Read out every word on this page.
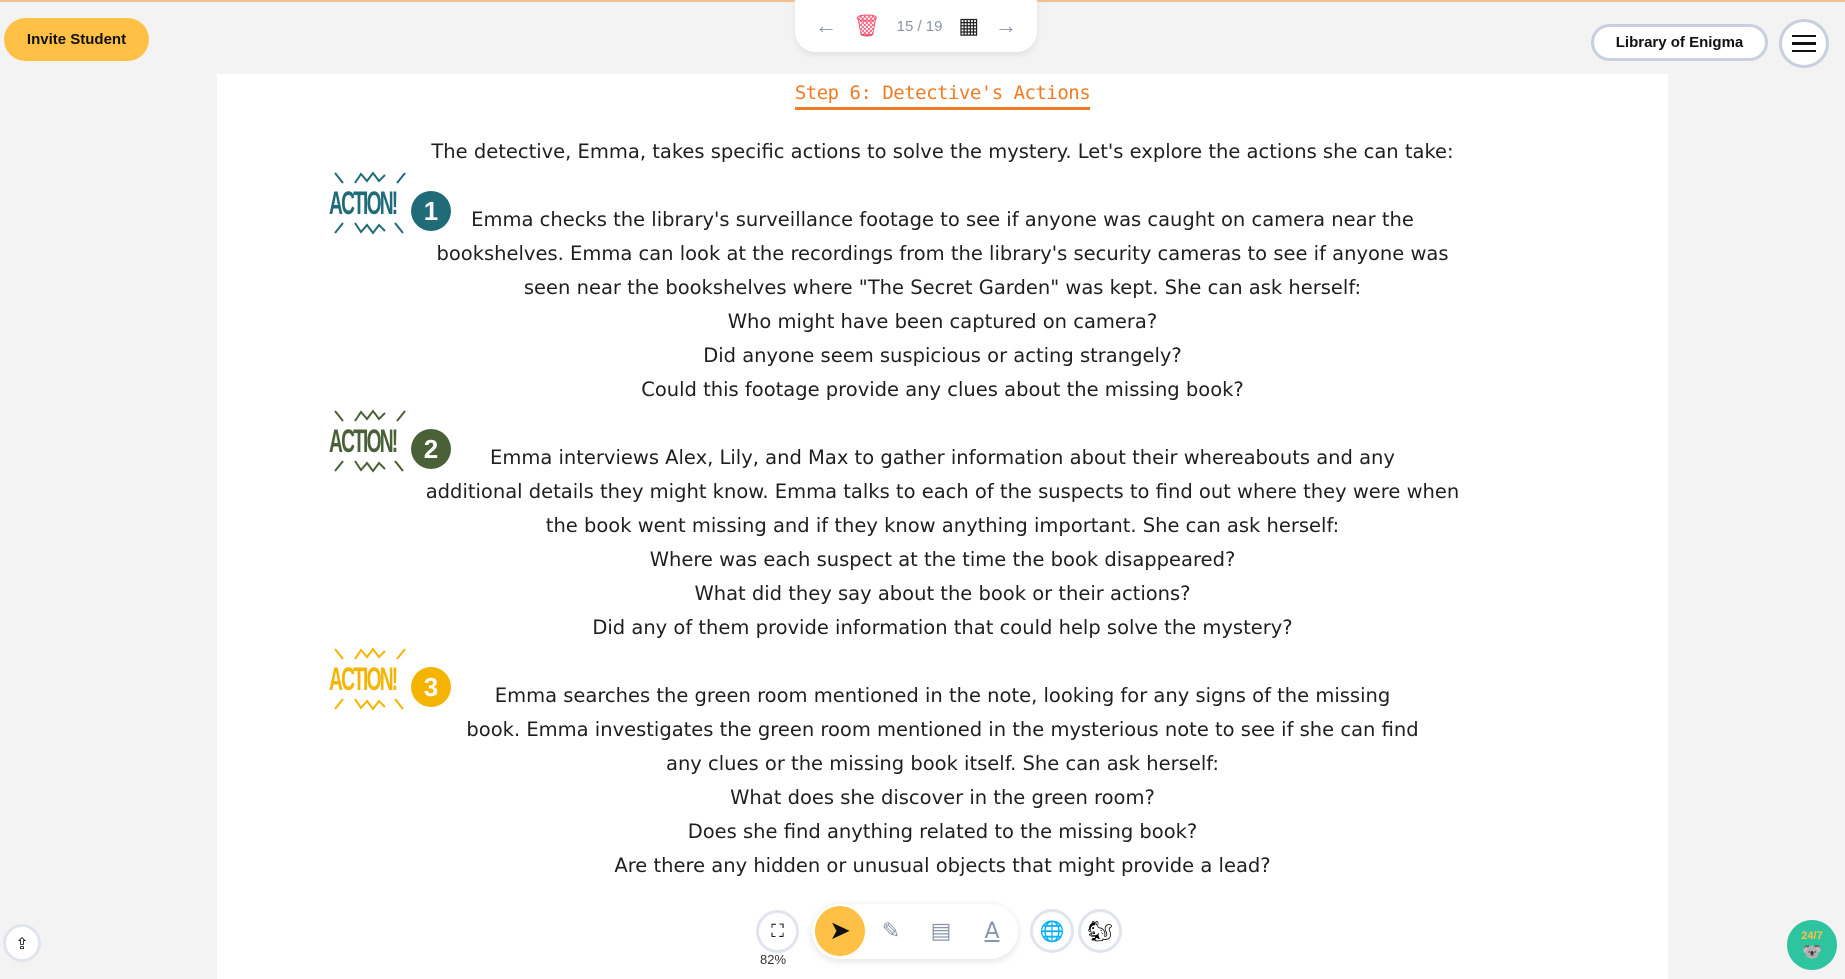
Invite Student
← 🗑 15 / 19 ▦ →
Library of Enigma
Step 6: Detective's Actions
The detective, Emma, takes specific actions to solve the mystery. Let's explore the actions she can take:
Emma checks the library's surveillance footage to see if anyone was caught on camera near the
ACTION!	1
bookshelves. Emma can look at the recordings from the library's security cameras to see if anyone was
seen near the bookshelves where "The Secret Garden" was kept. She can ask herself:
Who might have been captured on camera?
Did anyone seem suspicious or acting strangely?
Could this footage provide any clues about the missing book?
Emma interviews Alex, Lily, and Max to gather information about their whereabouts and any
ACTION!	2
additional details they might know. Emma talks to each of the suspects to find out where they were when
the book went missing and if they know anything important. She can ask herself:
Where was each suspect at the time the book disappeared?
What did they say about the book or their actions?
Did any of them provide information that could help solve the mystery?
Emma searches the green room mentioned in the note, looking for any signs of the missing
ACTION!	3
book. Emma investigates the green room mentioned in the mysterious note to see if she can find
any clues or the missing book itself. She can ask herself:
What does she discover in the green room?
Does she find anything related to the missing book?
Are there any hidden or unusual objects that might provide a lead?
⛶
82%
➤ ✎ ▤ A 🌐 🐿
⇪	24/7
🐨
